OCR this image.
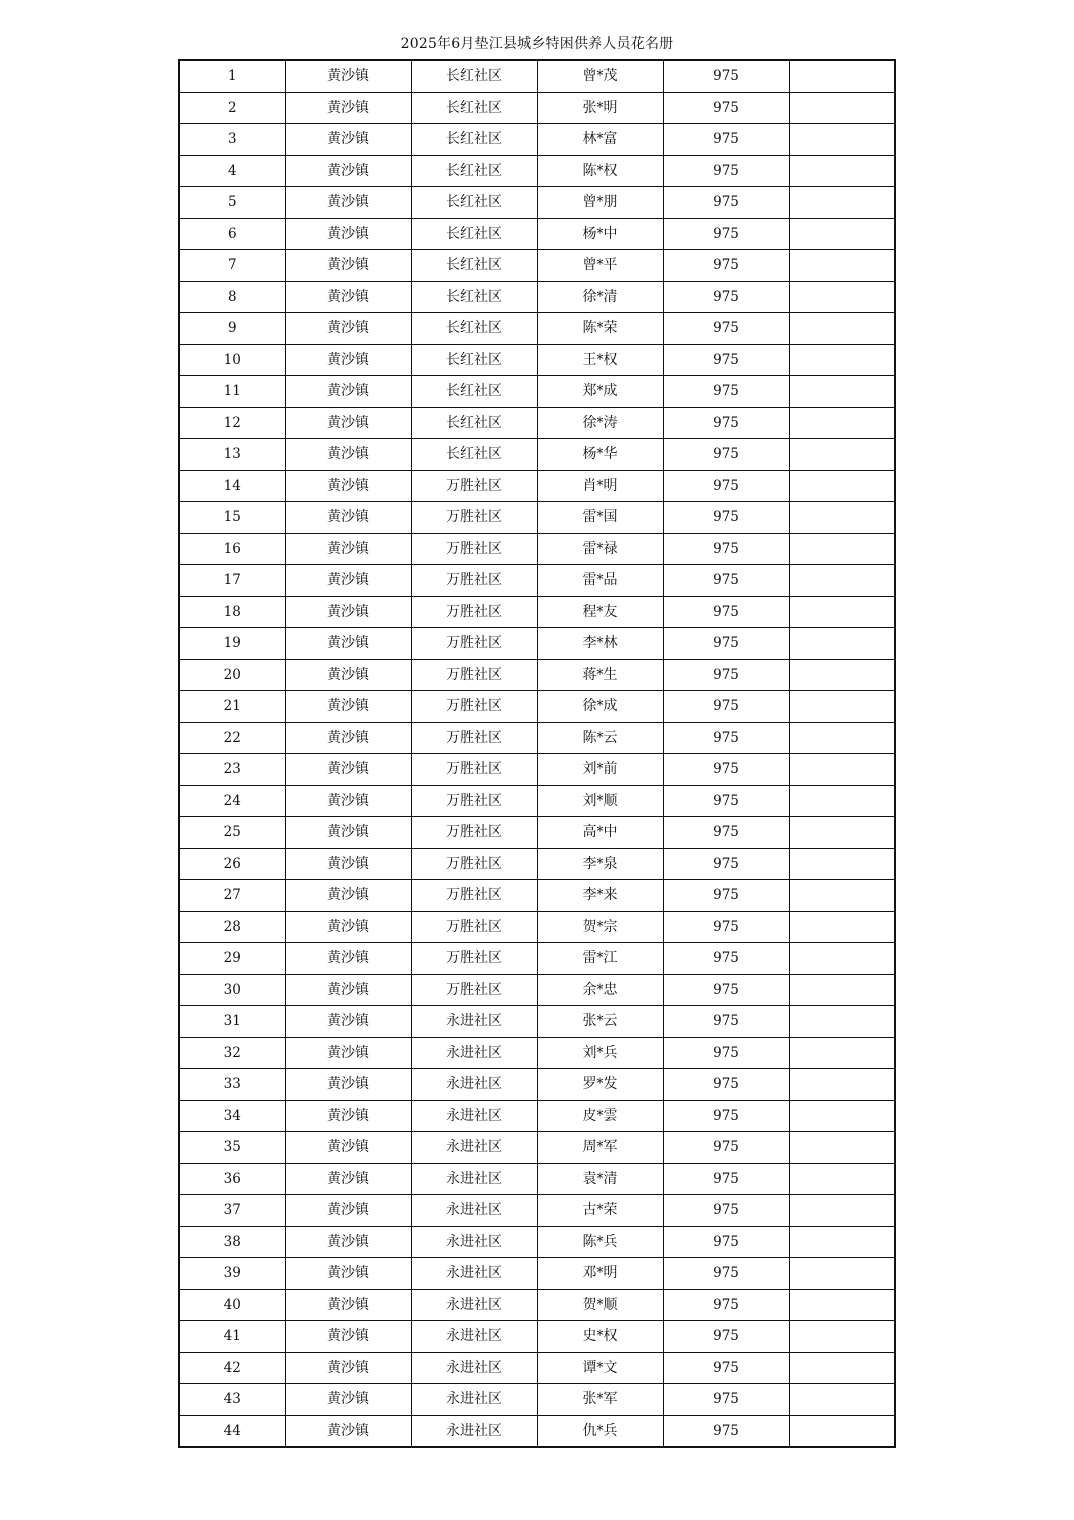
2025年6月垫江县城乡特困供养人员花名册
1	黄沙镇	长红社区	曾*茂	975	
2	黄沙镇	长红社区	张*明	975	
3	黄沙镇	长红社区	林*富	975	
4	黄沙镇	长红社区	陈*权	975	
5	黄沙镇	长红社区	曾*朋	975	
6	黄沙镇	长红社区	杨*中	975	
7	黄沙镇	长红社区	曾*平	975	
8	黄沙镇	长红社区	徐*清	975	
9	黄沙镇	长红社区	陈*荣	975	
10	黄沙镇	长红社区	王*权	975	
11	黄沙镇	长红社区	郑*成	975	
12	黄沙镇	长红社区	徐*涛	975	
13	黄沙镇	长红社区	杨*华	975	
14	黄沙镇	万胜社区	肖*明	975	
15	黄沙镇	万胜社区	雷*国	975	
16	黄沙镇	万胜社区	雷*禄	975	
17	黄沙镇	万胜社区	雷*品	975	
18	黄沙镇	万胜社区	程*友	975	
19	黄沙镇	万胜社区	李*林	975	
20	黄沙镇	万胜社区	蒋*生	975	
21	黄沙镇	万胜社区	徐*成	975	
22	黄沙镇	万胜社区	陈*云	975	
23	黄沙镇	万胜社区	刘*前	975	
24	黄沙镇	万胜社区	刘*顺	975	
25	黄沙镇	万胜社区	高*中	975	
26	黄沙镇	万胜社区	李*泉	975	
27	黄沙镇	万胜社区	李*来	975	
28	黄沙镇	万胜社区	贺*宗	975	
29	黄沙镇	万胜社区	雷*江	975	
30	黄沙镇	万胜社区	余*忠	975	
31	黄沙镇	永进社区	张*云	975	
32	黄沙镇	永进社区	刘*兵	975	
33	黄沙镇	永进社区	罗*发	975	
34	黄沙镇	永进社区	皮*雲	975	
35	黄沙镇	永进社区	周*军	975	
36	黄沙镇	永进社区	袁*清	975	
37	黄沙镇	永进社区	古*荣	975	
38	黄沙镇	永进社区	陈*兵	975	
39	黄沙镇	永进社区	邓*明	975	
40	黄沙镇	永进社区	贺*顺	975	
41	黄沙镇	永进社区	史*权	975	
42	黄沙镇	永进社区	谭*文	975	
43	黄沙镇	永进社区	张*军	975	
44	黄沙镇	永进社区	仇*兵	975	
